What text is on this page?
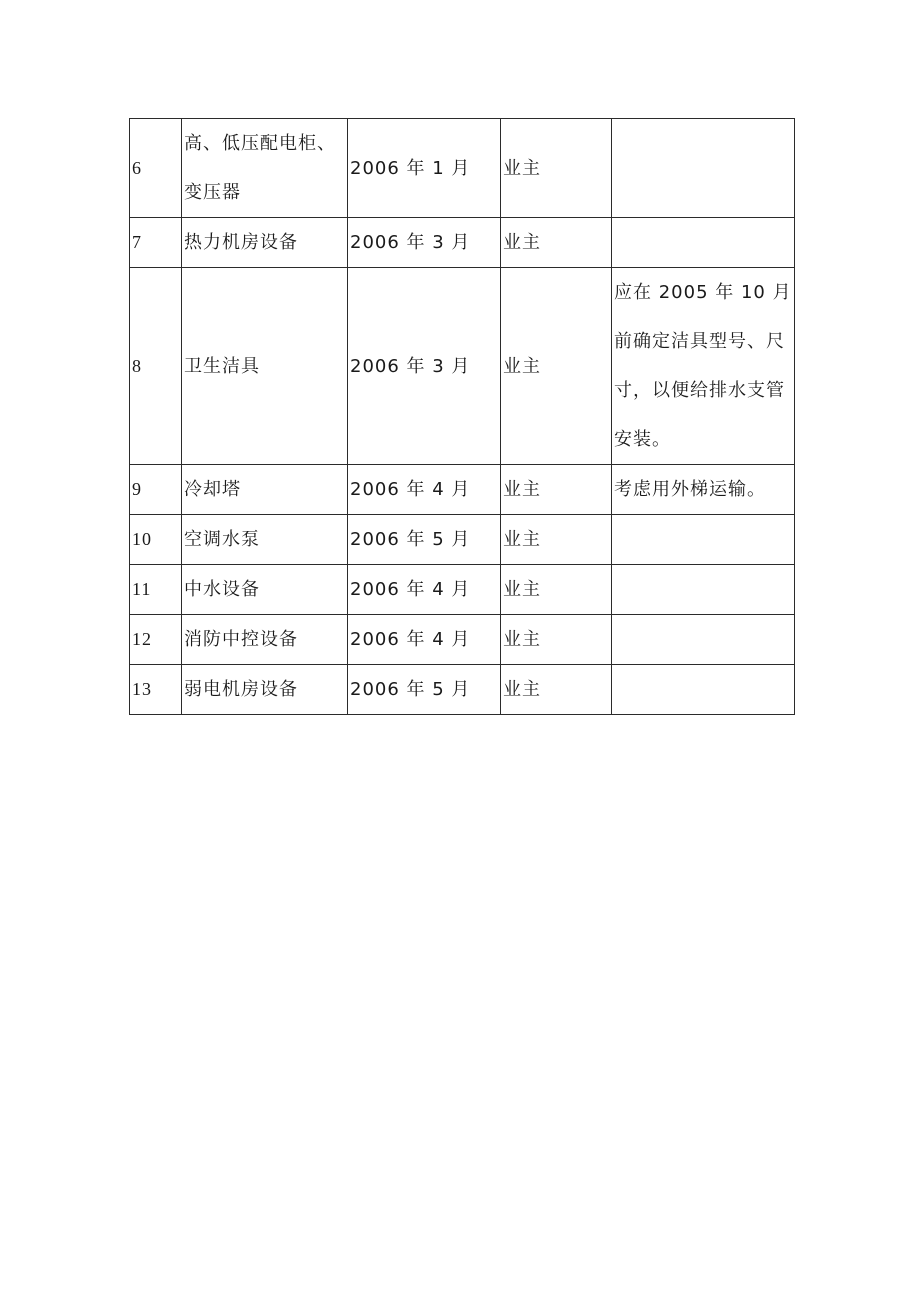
6	高、低压配电柜、变压器	2006 年 1 月	业主	
7	热力机房设备	2006 年 3 月	业主	
8	卫生洁具	2006 年 3 月	业主	应在 2005 年 10 月前确定洁具型号、尺寸，以便给排水支管安装。
9	冷却塔	2006 年 4 月	业主	考虑用外梯运输。
10	空调水泵	2006 年 5 月	业主	
11	中水设备	2006 年 4 月	业主	
12	消防中控设备	2006 年 4 月	业主	
13	弱电机房设备	2006 年 5 月	业主	
